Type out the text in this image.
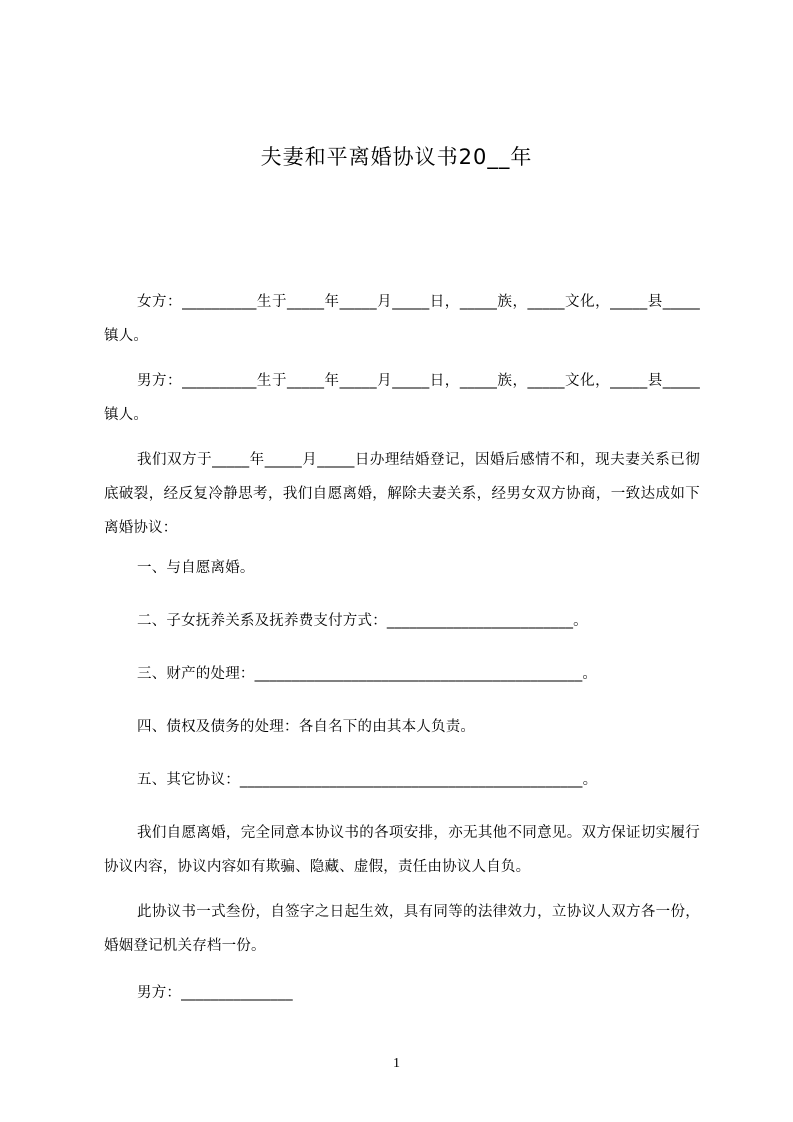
夫妻和平离婚协议书20__年
女方：__________生于_____年_____月_____日，_____族，_____文化，_____县_____镇人。
男方：__________生于_____年_____月_____日，_____族，_____文化，_____县_____镇人。
我们双方于_____年_____月_____日办理结婚登记，因婚后感情不和，现夫妻关系已彻底破裂，经反复冷静思考，我们自愿离婚，解除夫妻关系，经男女双方协商，一致达成如下离婚协议：
一、与自愿离婚。
二、子女抚养关系及抚养费支付方式：_________________________。
三、财产的处理：____________________________________________。
四、债权及债务的处理：各自名下的由其本人负责。
五、其它协议：______________________________________________。
我们自愿离婚，完全同意本协议书的各项安排，亦无其他不同意见。双方保证切实履行协议内容，协议内容如有欺骗、隐藏、虚假，责任由协议人自负。
此协议书一式叁份，自签字之日起生效，具有同等的法律效力，立协议人双方各一份，婚姻登记机关存档一份。
男方：_______________
1
